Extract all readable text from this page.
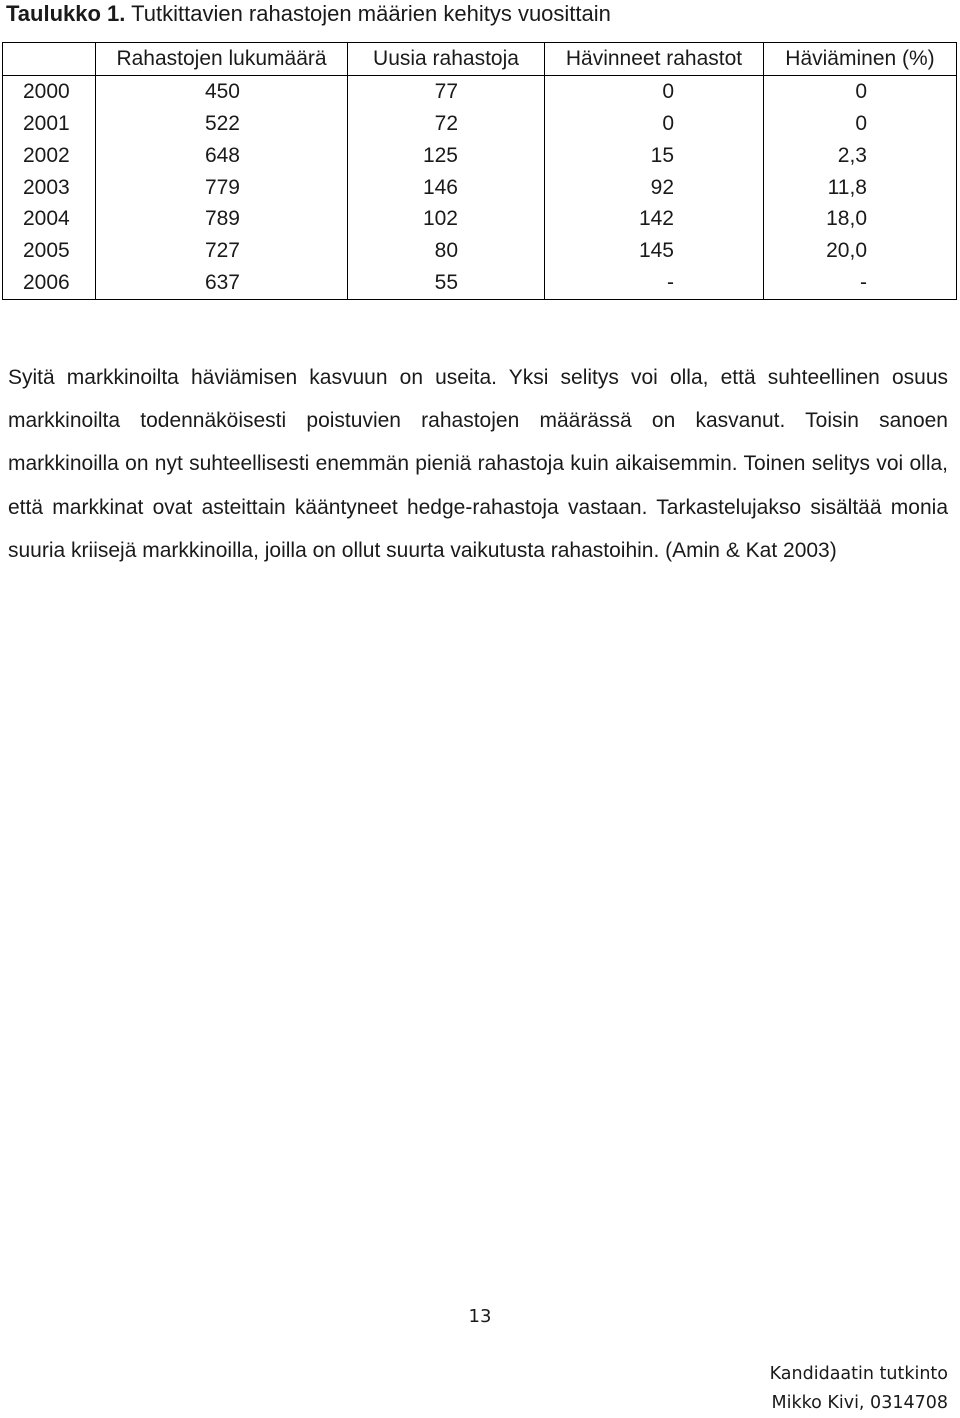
Taulukko 1. Tutkittavien rahastojen määrien kehitys vuosittain
	Rahastojen lukumäärä	Uusia rahastoja	Hävinneet rahastot	Häviäminen (%)
2000	450	77	0	0
2001	522	72	0	0
2002	648	125	15	2,3
2003	779	146	92	11,8
2004	789	102	142	18,0
2005	727	80	145	20,0
2006	637	55	-	-

Syitä markkinoilta häviämisen kasvuun on useita. Yksi selitys voi olla, että suhteellinen osuus markkinoilta todennäköisesti poistuvien rahastojen määrässä on kasvanut. Toisin sanoen markkinoilla on nyt suhteellisesti enemmän pieniä rahastoja kuin aikaisemmin. Toinen selitys voi olla, että markkinat ovat asteittain kääntyneet hedge-rahastoja vastaan. Tarkastelujakso sisältää monia suuria kriisejä markkinoilla, joilla on ollut suurta vaikutusta rahastoihin. (Amin & Kat 2003)

13
Kandidaatin tutkinto
Mikko Kivi, 0314708
